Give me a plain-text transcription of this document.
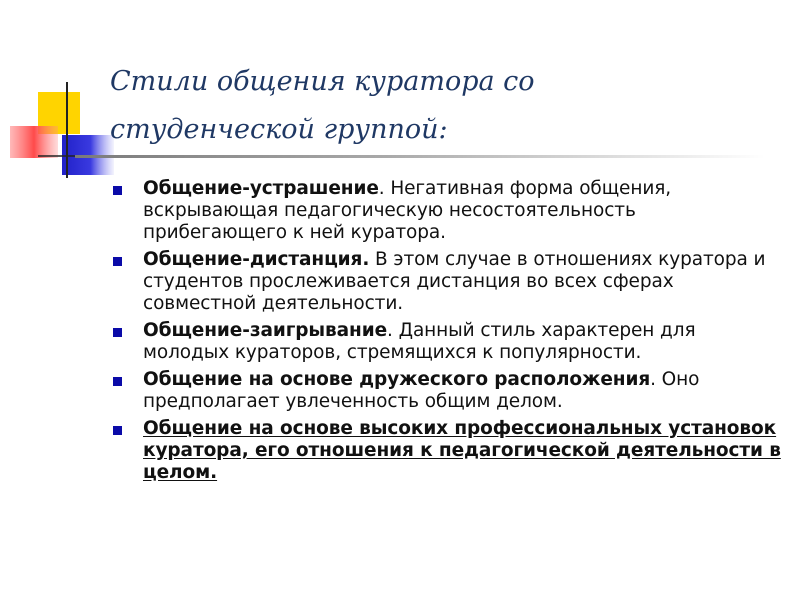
Стили общения куратора со студенческой группой:
Общение-устрашение. Негативная форма общения, вскрывающая педагогическую несостоятельность прибегающего к ней куратора.
Общение-дистанция. В этом случае в отношениях куратора и студентов прослеживается дистанция во всех сферах совместной деятельности.
Общение-заигрывание. Данный стиль характерен для молодых кураторов, стремящихся к популярности.
Общение на основе дружеского расположения. Оно предполагает увлеченность общим делом.
Общение на основе высоких профессиональных установок куратора, его отношения к педагогической деятельности в целом.
